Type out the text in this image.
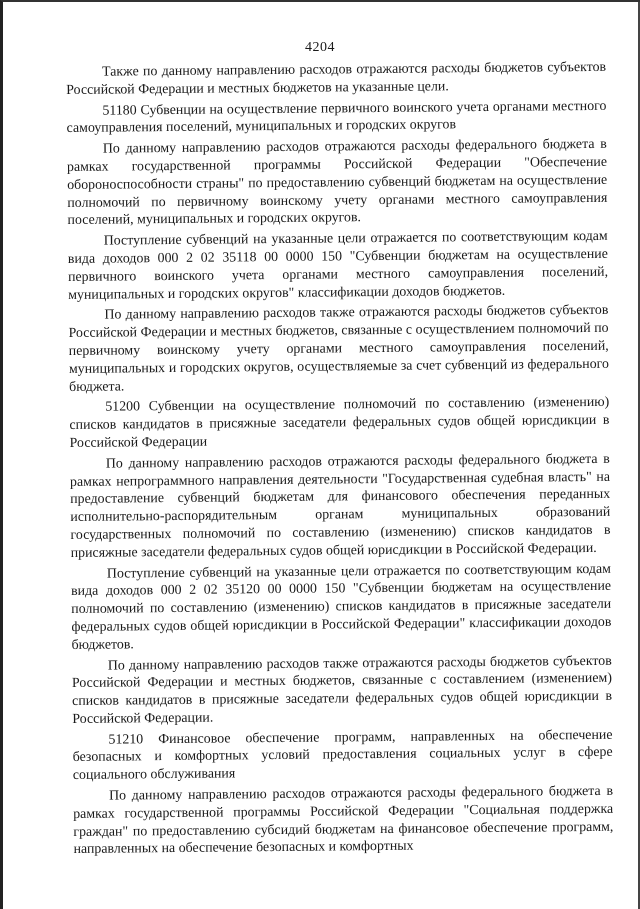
4204

Также по данному направлению расходов отражаются расходы бюджетов субъектов Российской Федерации и местных бюджетов на указанные цели.

51180 Субвенции на осуществление первичного воинского учета органами местного самоуправления поселений, муниципальных и городских округов

По данному направлению расходов отражаются расходы федерального бюджета в рамках государственной программы Российской Федерации "Обеспечение обороноспособности страны" по предоставлению субвенций бюджетам на осуществление полномочий по первичному воинскому учету органами местного самоуправления поселений, муниципальных и городских округов.

Поступление субвенций на указанные цели отражается по соответствующим кодам вида доходов 000 2 02 35118 00 0000 150 "Субвенции бюджетам на осуществление первичного воинского учета органами местного самоуправления поселений, муниципальных и городских округов" классификации доходов бюджетов.

По данному направлению расходов также отражаются расходы бюджетов субъектов Российской Федерации и местных бюджетов, связанные с осуществлением полномочий по первичному воинскому учету органами местного самоуправления поселений, муниципальных и городских округов, осуществляемые за счет субвенций из федерального бюджета.

51200 Субвенции на осуществление полномочий по составлению (изменению) списков кандидатов в присяжные заседатели федеральных судов общей юрисдикции в Российской Федерации

По данному направлению расходов отражаются расходы федерального бюджета в рамках непрограммного направления деятельности "Государственная судебная власть" на предоставление субвенций бюджетам для финансового обеспечения переданных исполнительно-распорядительным органам муниципальных образований государственных полномочий по составлению (изменению) списков кандидатов в присяжные заседатели федеральных судов общей юрисдикции в Российской Федерации.

Поступление субвенций на указанные цели отражается по соответствующим кодам вида доходов 000 2 02 35120 00 0000 150 "Субвенции бюджетам на осуществление полномочий по составлению (изменению) списков кандидатов в присяжные заседатели федеральных судов общей юрисдикции в Российской Федерации" классификации доходов бюджетов.

По данному направлению расходов также отражаются расходы бюджетов субъектов Российской Федерации и местных бюджетов, связанные с составлением (изменением) списков кандидатов в присяжные заседатели федеральных судов общей юрисдикции в Российской Федерации.

51210 Финансовое обеспечение программ, направленных на обеспечение безопасных и комфортных условий предоставления социальных услуг в сфере социального обслуживания

По данному направлению расходов отражаются расходы федерального бюджета в рамках государственной программы Российской Федерации "Социальная поддержка граждан" по предоставлению субсидий бюджетам на финансовое обеспечение программ, направленных на обеспечение безопасных и комфортных
